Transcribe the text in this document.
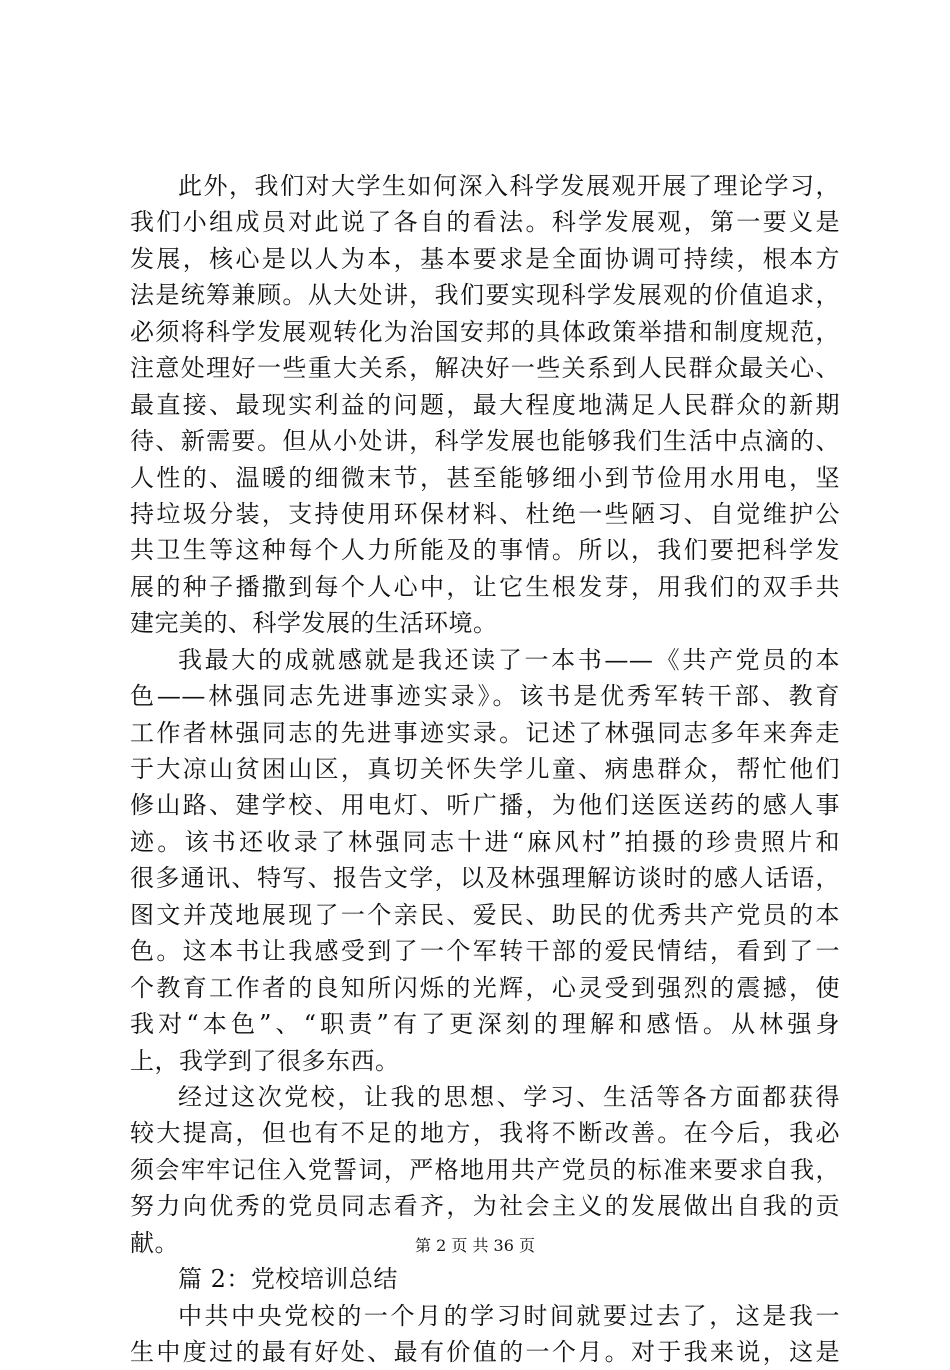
此外，我们对大学生如何深入科学发展观开展了理论学习，
我们小组成员对此说了各自的看法。科学发展观，第一要义是
发展，核心是以人为本，基本要求是全面协调可持续，根本方
法是统筹兼顾。从大处讲，我们要实现科学发展观的价值追求，
必须将科学发展观转化为治国安邦的具体政策举措和制度规范，
注意处理好一些重大关系，解决好一些关系到人民群众最关心、
最直接、最现实利益的问题，最大程度地满足人民群众的新期
待、新需要。但从小处讲，科学发展也能够我们生活中点滴的、
人性的、温暖的细微末节，甚至能够细小到节俭用水用电，坚
持垃圾分装，支持使用环保材料、杜绝一些陋习、自觉维护公
共卫生等这种每个人力所能及的事情。所以，我们要把科学发
展的种子播撒到每个人心中，让它生根发芽，用我们的双手共
建完美的、科学发展的生活环境。
我最大的成就感就是我还读了一本书——《共产党员的本
色——林强同志先进事迹实录》。该书是优秀军转干部、教育
工作者林强同志的先进事迹实录。记述了林强同志多年来奔走
于大凉山贫困山区，真切关怀失学儿童、病患群众，帮忙他们
修山路、建学校、用电灯、听广播，为他们送医送药的感人事
迹。该书还收录了林强同志十进“麻风村”拍摄的珍贵照片和
很多通讯、特写、报告文学，以及林强理解访谈时的感人话语，
图文并茂地展现了一个亲民、爱民、助民的优秀共产党员的本
色。这本书让我感受到了一个军转干部的爱民情结，看到了一
个教育工作者的良知所闪烁的光辉，心灵受到强烈的震撼，使
我对“本色”、“职责”有了更深刻的理解和感悟。从林强身
上，我学到了很多东西。
经过这次党校，让我的思想、学习、生活等各方面都获得
较大提高，但也有不足的地方，我将不断改善。在今后，我必
须会牢牢记住入党誓词，严格地用共产党员的标准来要求自我，
努力向优秀的党员同志看齐，为社会主义的发展做出自我的贡
献。
篇 2：党校培训总结
中共中央党校的一个月的学习时间就要过去了，这是我一
生中度过的最有好处、最有价值的一个月。对于我来说，这是
第 2 页 共 36 页
